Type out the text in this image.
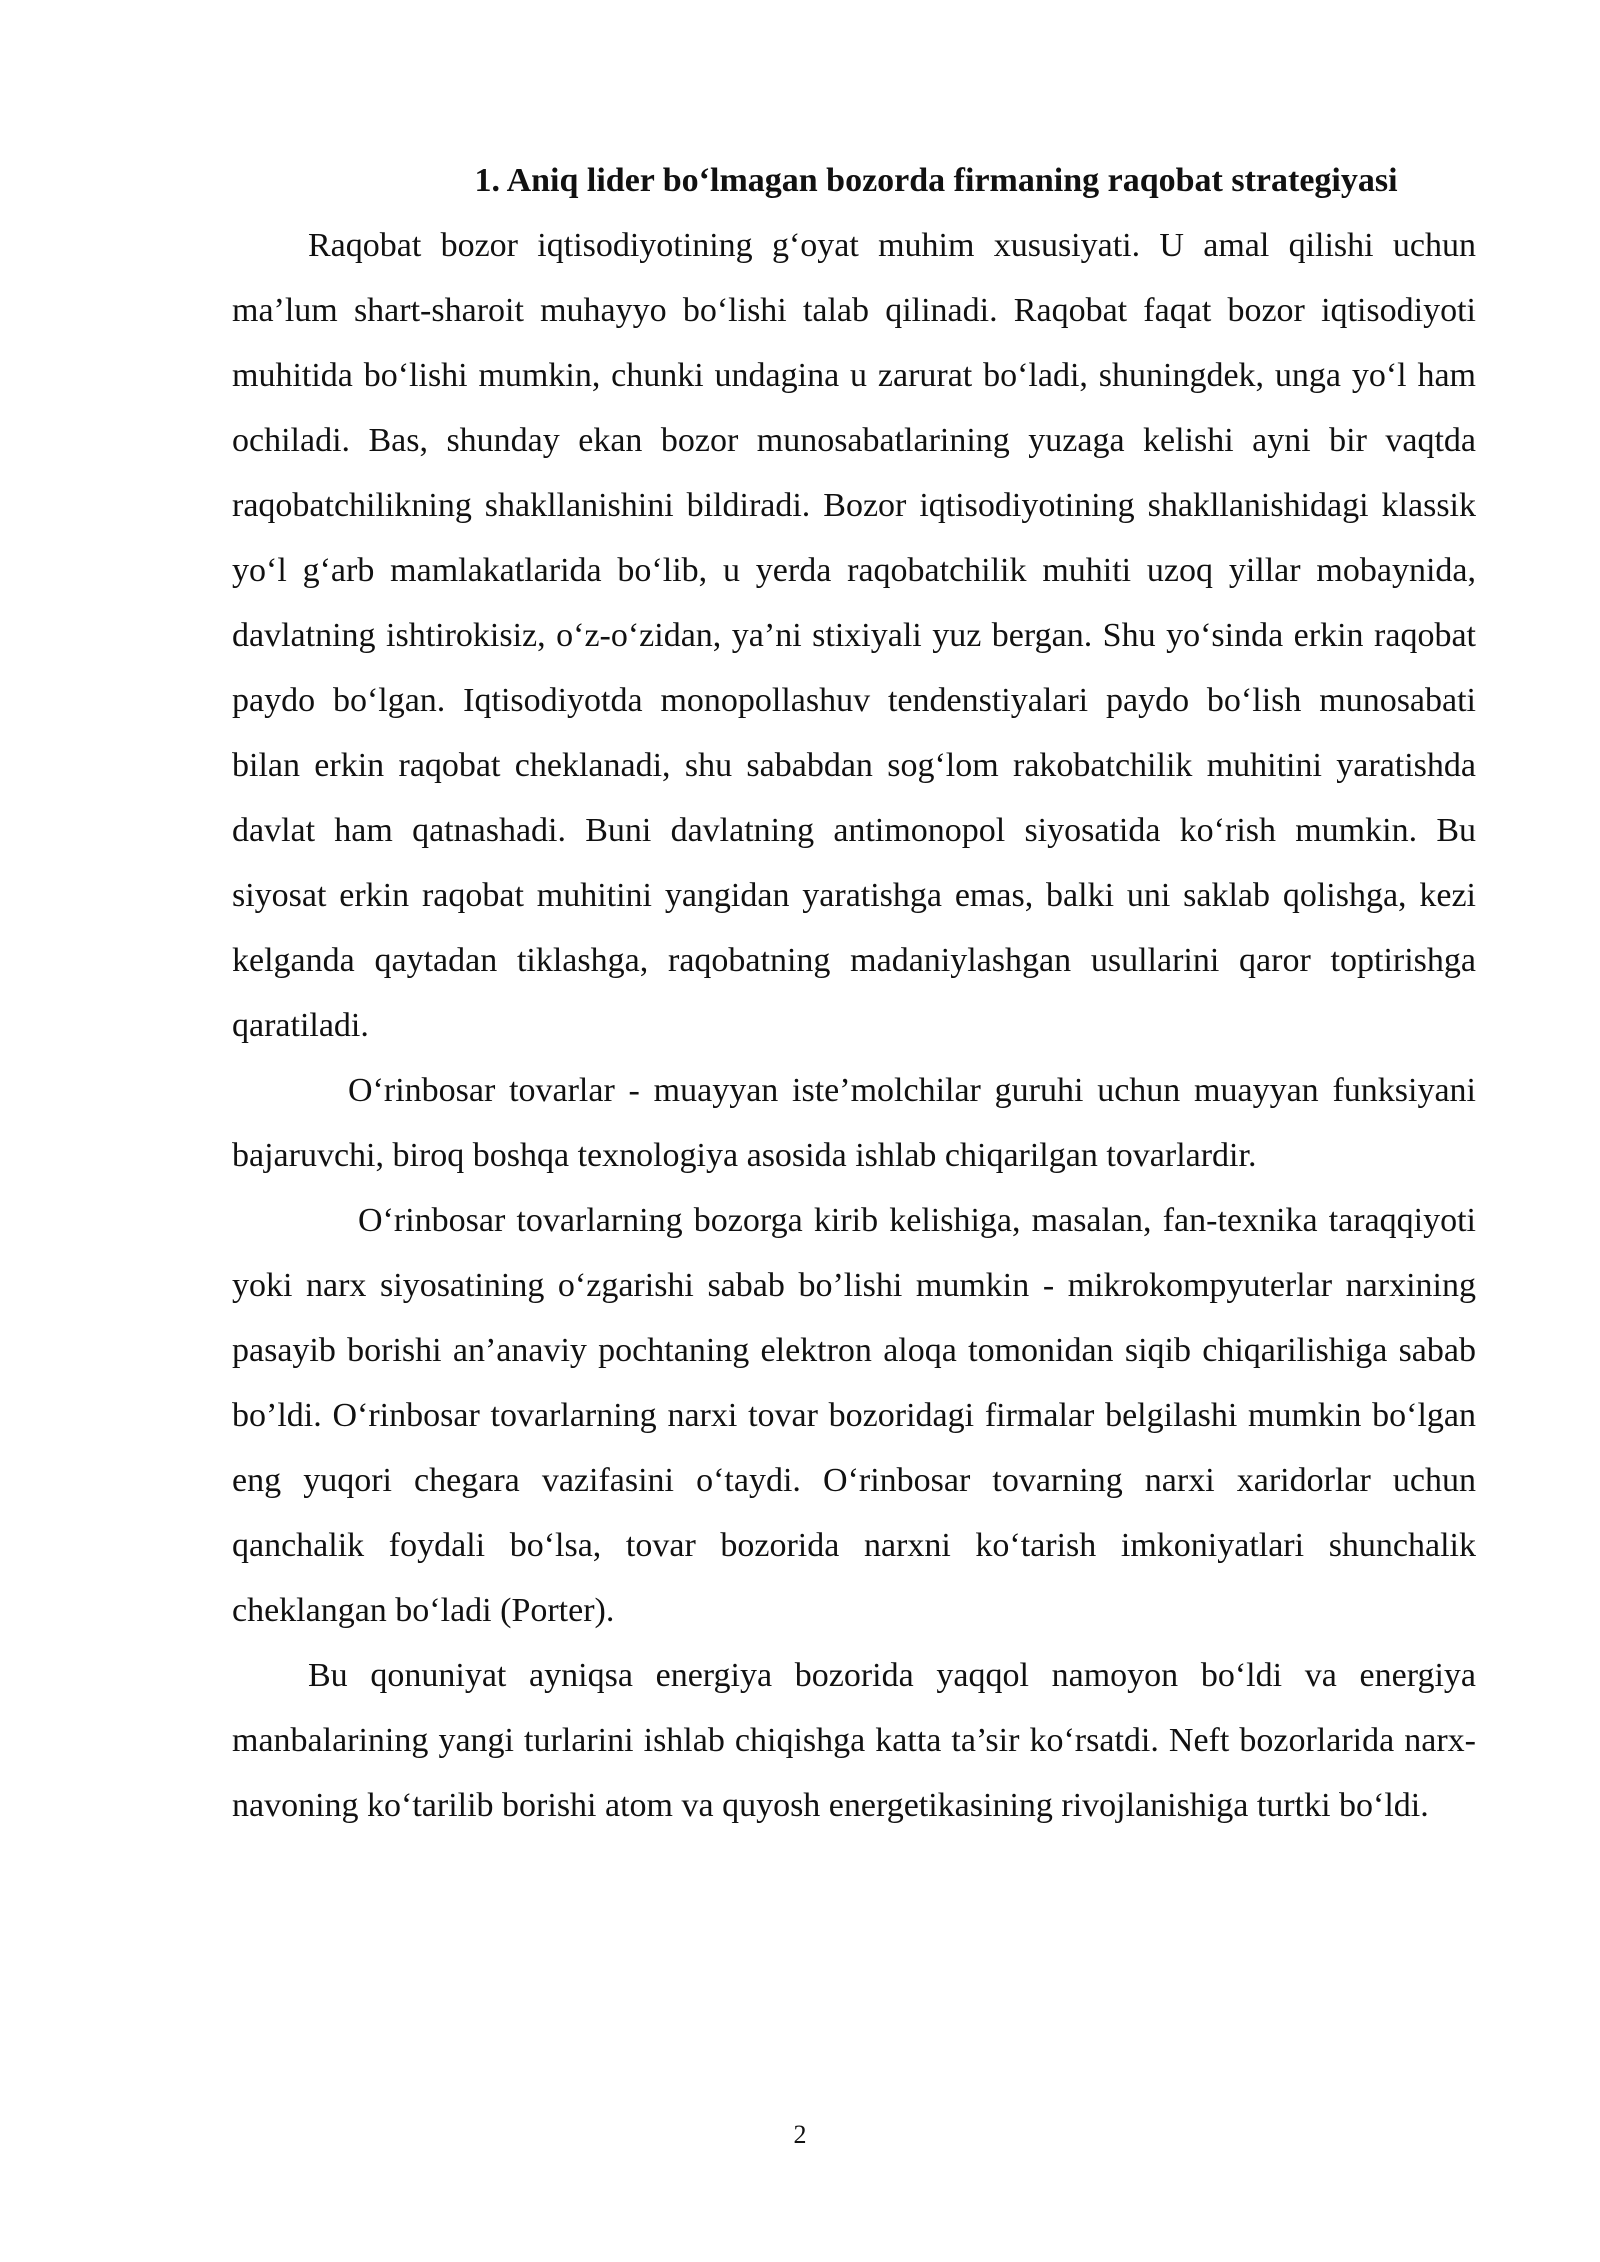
1. Aniq lider bo‘lmagan bozorda firmaning raqobat strategiyasi

Raqobat bozor iqtisodiyotining g‘oyat muhim xususiyati. U amal qilishi uchun ma’lum shart-sharoit muhayyo bo‘lishi talab qilinadi. Raqobat faqat bozor iqtisodiyoti muhitida bo‘lishi mumkin, chunki undagina u zarurat bo‘ladi, shuningdek, unga yo‘l ham ochiladi. Bas, shunday ekan bozor munosabatlarining yuzaga kelishi ayni bir vaqtda raqobatchilikning shakllanishini bildiradi. Bozor iqtisodiyotining shakllanishidagi klassik yo‘l g‘arb mamlakatlarida bo‘lib, u yerda raqobatchilik muhiti uzoq yillar mobaynida, davlatning ishtirokisiz, o‘z-o‘zidan, ya’ni stixiyali yuz bergan. Shu yo‘sinda erkin raqobat paydo bo‘lgan. Iqtisodiyotda monopollashuv tendenstiyalari paydo bo‘lish munosabati bilan erkin raqobat cheklanadi, shu sababdan sog‘lom rakobatchilik muhitini yaratishda davlat ham qatnashadi. Buni davlatning antimonopol siyosatida ko‘rish mumkin. Bu siyosat erkin raqobat muhitini yangidan yaratishga emas, balki uni saklab qolishga, kezi kelganda qaytadan tiklashga, raqobatning madaniylashgan usullarini qaror toptirishga qaratiladi.

O‘rinbosar tovarlar - muayyan iste’molchilar guruhi uchun muayyan funksiyani bajaruvchi, biroq boshqa texnologiya asosida ishlab chiqarilgan tovarlardir.

O‘rinbosar tovarlarning bozorga kirib kelishiga, masalan, fan-texnika taraqqiyoti yoki narx siyosatining o‘zgarishi sabab bo’lishi mumkin - mikrokompyuterlar narxining pasayib borishi an’anaviy pochtaning elektron aloqa tomonidan siqib chiqarilishiga sabab bo’ldi. O‘rinbosar tovarlarning narxi tovar bozoridagi firmalar belgilashi mumkin bo‘lgan eng yuqori chegara vazifasini o‘taydi. O‘rinbosar tovarning narxi xaridorlar uchun qanchalik foydali bo‘lsa, tovar bozorida narxni ko‘tarish imkoniyatlari shunchalik cheklangan bo‘ladi (Porter).

Bu qonuniyat ayniqsa energiya bozorida yaqqol namoyon bo‘ldi va energiya manbalarining yangi turlarini ishlab chiqishga katta ta’sir ko‘rsatdi. Neft bozorlarida narx-navoning ko‘tarilib borishi atom va quyosh energetikasining rivojlanishiga turtki bo‘ldi.

2
